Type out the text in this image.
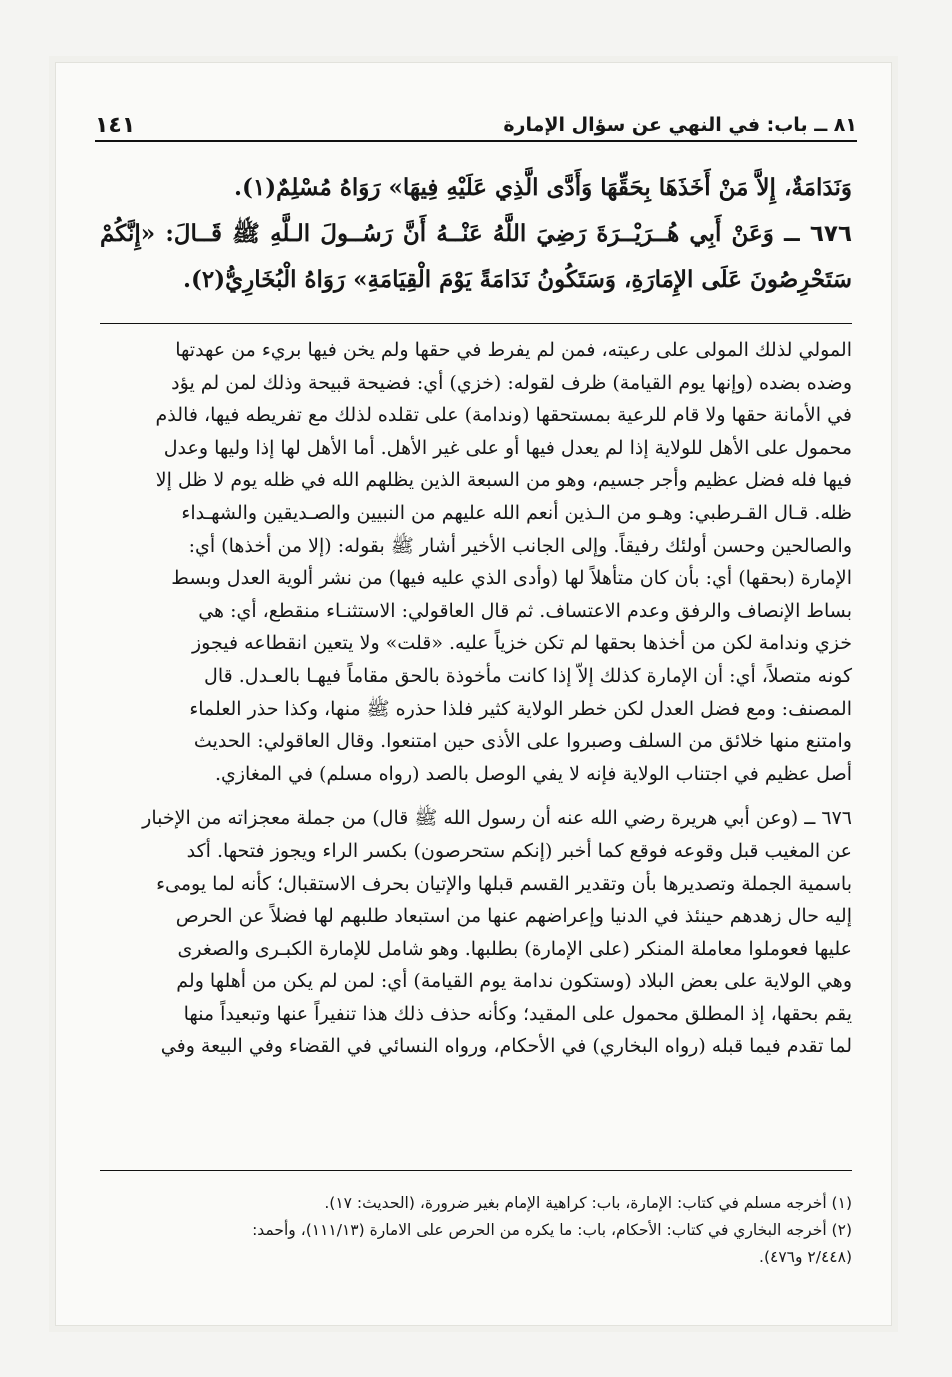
٨١ ــ باب: في النهي عن سؤال الإمارة
١٤١

وَنَدَامَةٌ، إِلاَّ مَنْ أَخَذَهَا بِحَقِّهَا وَأَدَّى الَّذِي عَلَيْهِ فِيهَا» رَوَاهُ مُسْلِمٌ(١).

٦٧٦ ــ وَعَنْ أَبِي هُــرَيْــرَةَ رَضِيَ اللَّهُ عَنْــهُ أَنَّ رَسُــولَ الـلَّهِ ﷺ قَــالَ: «إِنَّكُمْ سَتَحْرِصُونَ عَلَى الإِمَارَةِ، وَسَتَكُونُ نَدَامَةً يَوْمَ الْقِيَامَةِ» رَوَاهُ الْبُخَارِيُّ(٢).

المولي لذلك المولى على رعيته، فمن لم يفرط في حقها ولم يخن فيها بريء من عهدتها
وضده بضده (وإنها يوم القيامة) ظرف لقوله: (خزي) أي: فضيحة قبيحة وذلك لمن لم يؤد
في الأمانة حقها ولا قام للرعية بمستحقها (وندامة) على تقلده لذلك مع تفريطه فيها، فالذم
محمول على الأهل للولاية إذا لم يعدل فيها أو على غير الأهل. أما الأهل لها إذا وليها وعدل
فيها فله فضل عظيم وأجر جسيم، وهو من السبعة الذين يظلهم الله في ظله يوم لا ظل إلا
ظله. قـال القـرطبي: وهـو من الـذين أنعم الله عليهم من النبيين والصـديقين والشهـداء
والصالحين وحسن أولئك رفيقاً. وإلى الجانب الأخير أشار ﷺ بقوله: (إلا من أخذها) أي:
الإمارة (بحقها) أي: بأن كان متأهلاً لها (وأدى الذي عليه فيها) من نشر ألوية العدل وبسط
بساط الإنصاف والرفق وعدم الاعتساف. ثم قال العاقولي: الاستثنـاء منقطع، أي: هي
خزي وندامة لكن من أخذها بحقها لم تكن خزياً عليه. «قلت» ولا يتعين انقطاعه فيجوز
كونه متصلاً، أي: أن الإمارة كذلك إلاّ إذا كانت مأخوذة بالحق مقاماً فيهـا بالعـدل. قال
المصنف: ومع فضل العدل لكن خطر الولاية كثير فلذا حذره ﷺ منها، وكذا حذر العلماء
وامتنع منها خلائق من السلف وصبروا على الأذى حين امتنعوا. وقال العاقولي: الحديث
أصل عظيم في اجتناب الولاية فإنه لا يفي الوصل بالصد (رواه مسلم) في المغازي.

٦٧٦ ــ (وعن أبي هريرة رضي الله عنه أن رسول الله ﷺ قال) من جملة معجزاته من الإخبار
عن المغيب قبل وقوعه فوقع كما أخبر (إنكم ستحرصون) بكسر الراء ويجوز فتحها. أكد
باسمية الجملة وتصديرها بأن وتقدير القسم قبلها والإتيان بحرف الاستقبال؛ كأنه لما يومىء
إليه حال زهدهم حينئذ في الدنيا وإعراضهم عنها من استبعاد طلبهم لها فضلاً عن الحرص
عليها فعوملوا معاملة المنكر (على الإمارة) بطلبها. وهو شامل للإمارة الكبـرى والصغرى
وهي الولاية على بعض البلاد (وستكون ندامة يوم القيامة) أي: لمن لم يكن من أهلها ولم
يقم بحقها، إذ المطلق محمول على المقيد؛ وكأنه حذف ذلك هذا تنفيراً عنها وتبعيداً منها
لما تقدم فيما قبله (رواه البخاري) في الأحكام، ورواه النسائي في القضاء وفي البيعة وفي

(١) أخرجه مسلم في كتاب: الإمارة، باب: كراهية الإمام بغير ضرورة، (الحديث: ١٧).

(٢) أخرجه البخاري في كتاب: الأحكام، باب: ما يكره من الحرص على الامارة (١١١/١٣)، وأحمد:

(٢/٤٤٨ و٤٧٦).
